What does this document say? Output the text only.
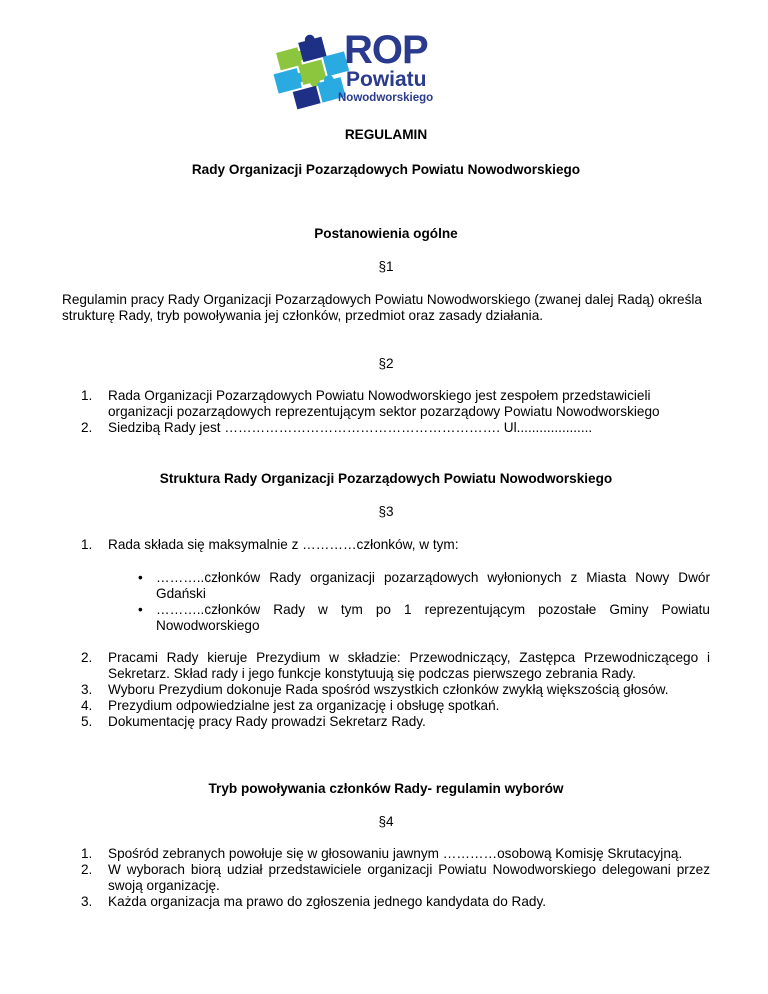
ROP
Powiatu
Nowodworskiego
REGULAMIN
Rady Organizacji Pozarządowych Powiatu Nowodworskiego
Postanowienia ogólne
§1
Regulamin pracy Rady Organizacji Pozarządowych Powiatu Nowodworskiego (zwanej dalej Radą) określa strukturę Rady, tryb powoływania jej członków, przedmiot oraz zasady działania.
§2
1. Rada Organizacji Pozarządowych Powiatu Nowodworskiego jest zespołem przedstawicieli organizacji pozarządowych reprezentującym sektor pozarządowy Powiatu Nowodworskiego
2. Siedzibą Rady jest ……………………………………………………. Ul....................
Struktura Rady Organizacji Pozarządowych Powiatu Nowodworskiego
§3
1. Rada składa się maksymalnie z …………członków, w tym:
• ………..członków Rady organizacji pozarządowych wyłonionych z Miasta Nowy Dwór Gdański
• ………..członków Rady w tym po 1 reprezentującym pozostałe Gminy Powiatu Nowodworskiego
2. Pracami Rady kieruje Prezydium w składzie: Przewodniczący, Zastępca Przewodniczącego i Sekretarz. Skład rady i jego funkcje konstytuują się podczas pierwszego zebrania Rady.
3. Wyboru Prezydium dokonuje Rada spośród wszystkich członków zwykłą większością głosów.
4. Prezydium odpowiedzialne jest za organizację i obsługę spotkań.
5. Dokumentację pracy Rady prowadzi Sekretarz Rady.
Tryb powoływania członków Rady- regulamin wyborów
§4
1. Spośród zebranych powołuje się w głosowaniu jawnym …………osobową Komisję Skrutacyjną.
2. W wyborach biorą udział przedstawiciele organizacji Powiatu Nowodworskiego delegowani przez swoją organizację.
3. Każda organizacja ma prawo do zgłoszenia jednego kandydata do Rady.
